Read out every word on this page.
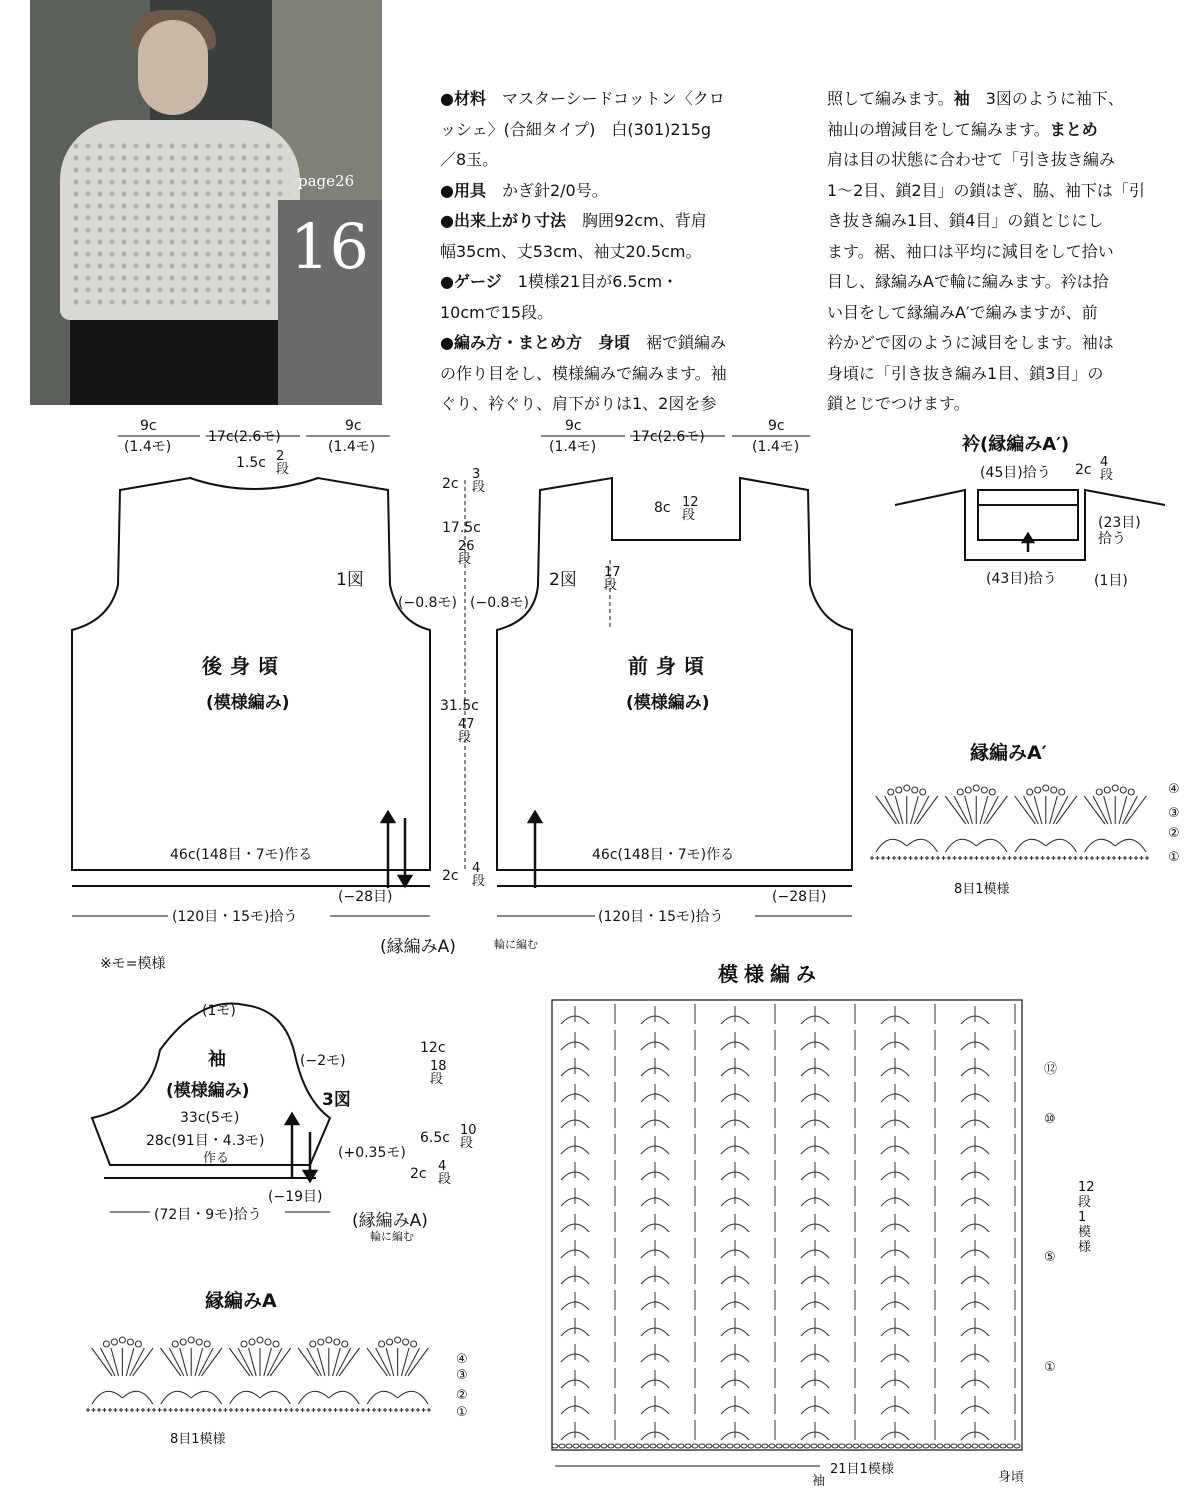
page26
16

●材料　マスターシードコットン〈クロ

ッシェ〉(合細タイプ)　白(301)215g

／8玉。

●用具　かぎ針2/0号。

●出来上がり寸法　胸囲92cm、背肩

幅35cm、丈53cm、袖丈20.5cm。

●ゲージ　1模様21目が6.5cm・

10cmで15段。

●編み方・まとめ方　身頃　裾で鎖編み

の作り目をし、模様編みで編みます。袖

ぐり、衿ぐり、肩下がりは1、2図を参

照して編みます。袖　3図のように袖下、

袖山の増減目をして編みます。まとめ

肩は目の状態に合わせて「引き抜き編み

1〜2目、鎖2目」の鎖はぎ、脇、袖下は「引

き抜き編み1目、鎖4目」の鎖とじにし

ます。裾、袖口は平均に減目をして拾い

目し、縁編みAで輪に編みます。衿は拾

い目をして縁編みA′で編みますが、前

衿かどで図のように減目をします。袖は

身頃に「引き抜き編み1目、鎖3目」の

鎖とじでつけます。

9c
(1.4モ)
17c(2.6モ)
9c
(1.4モ)
1.5c 2段
1図
(−0.8モ)
後身頃
(模様編み)
46c(148目・7モ)作る
(−28目)
(120目・15モ)拾う
9c
(1.4モ)
17c(2.6モ)
9c
(1.4モ)
8c 12段
17段
2図
(−0.8モ)
前身頃
(模様編み)
46c(148目・7モ)作る
(−28目)
(120目・15モ)拾う
2c
3段
17.5c
26段
31.5c
47段
2c 4段
(縁編みA)	輪に編む
※モ=模様
衿(縁編みA′)
(45目)拾う 2c 4段
(23目)
拾う
(43目)拾う	(1目)
(1モ)
袖
(模様編み)	3図
(−2モ)
33c(5モ)
28c(91目・4.3モ)
作る	(+0.35モ)
(−19目)
(72目・9モ)拾う	(縁編みA)
輪に編む
12c
18段
6.5c 10段
2c 4段
縁編みA′
8目1模様
④
③
②
①
縁編みA
8目1模様
④
③
②
①
模様編み
⑫
⑩
⑤
①
12段1模様
21目1模様
袖	身頃
